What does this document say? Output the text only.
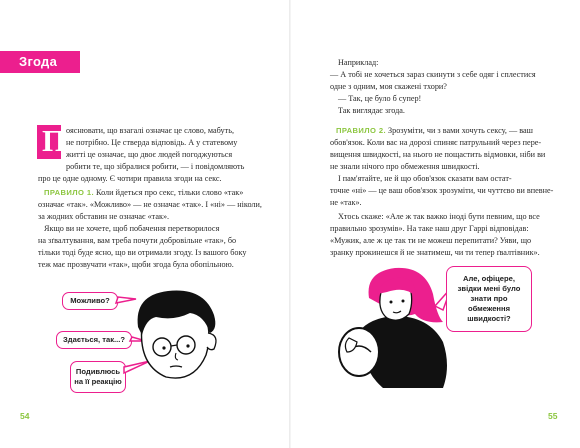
Згода
П ояснювати, що взагалі означає це слово, мабуть,
не потрібно. Це стверда відповідь. А у статевому
житті це означає, що двоє людей погоджуються
робити те, що зібралися робити, — і повідомляють
про це одне одному. Є чотири правила згоди на секс.
ПРАВИЛО 1. Коли йдеться про секс, тільки слово «так»
означає «так». «Можливо» — не означає «так». І «ні» — ніколи,
за жодних обставин не означає «так».
Якщо ви не хочете, щоб побачення перетворилося
на зґвалтування, вам треба почути добровільне «так», бо
тільки тоді буде ясно, що ви отримали згоду. Із вашого боку
теж має прозвучати «так», щоби згода була обопільною.
Можливо?
Здається, так...?
Подивлюсь на її реакцію
54
Наприклад:
— А тобі не хочеться зараз скинути з себе одяг і сплестися
одне з одним, моя скажені тхори?
— Так, це було б супер!
Так виглядає згода.
ПРАВИЛО 2. Зрозуміти, чи з вами хочуть сексу, — ваш
обов'язок. Коли вас на дорозі спиняє патрульний через пере-
вищення швидкості, на нього не пощастить відмовки, ніби ви
не знали нічого про обмеження швидкості.
І пам'ятайте, не й що обов'язок сказати вам остат-
точне «ні» — це ваш обов'язок зрозуміти, чи чуттєво ви впевне-
не «так».
Хтось скаже: «Але ж так важко іноді бути певним, що все
правильно зрозумів». На таке наш друг Гаррі відповідав:
«Мужик, але ж це так ти не можеш перепитати? Уяви, що
зранку прокинешся й не знатимеш, чи ти тепер ґвалтівник».
Але, офіцере, звідки мені було знати про обмеження швидкості?
55
